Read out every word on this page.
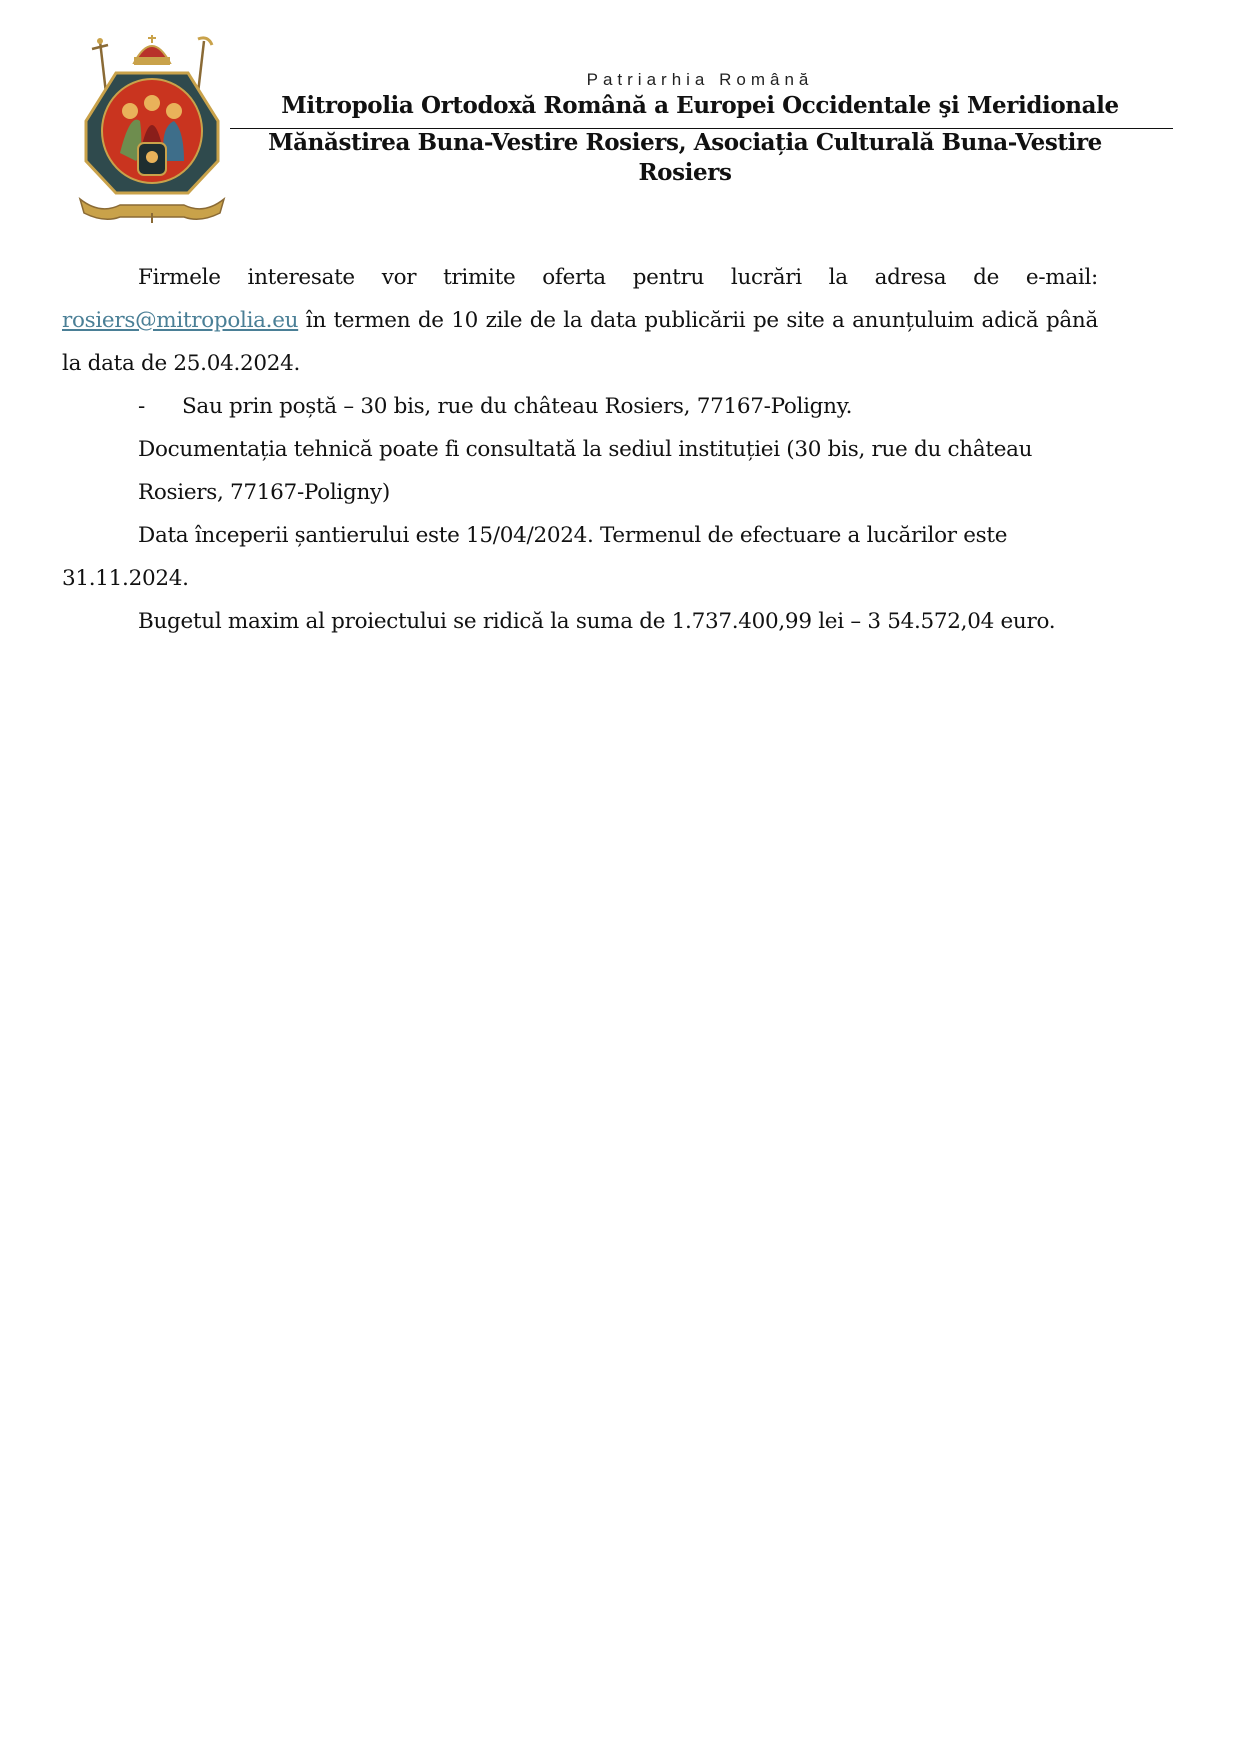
Patriarhia Română

Mitropolia Ortodoxă Română a Europei Occidentale şi Meridionale

Mănăstirea Buna-Vestire Rosiers, Asociația Culturală Buna-Vestire Rosiers

Firmele interesate vor trimite oferta pentru lucrări la adresa de e-mail: rosiers@mitropolia.eu în termen de 10 zile de la data publicării pe site a anunțuluim adică până la data de 25.04.2024.

- Sau prin poștă – 30 bis, rue du château Rosiers, 77167-Poligny.

Documentația tehnică poate fi consultată la sediul instituției (30 bis, rue du château

Rosiers, 77167-Poligny)

Data începerii șantierului este 15/04/2024. Termenul de efectuare a lucărilor este 31.11.2024.

Bugetul maxim al proiectului se ridică la suma de 1.737.400,99 lei – 3 54.572,04 euro.
